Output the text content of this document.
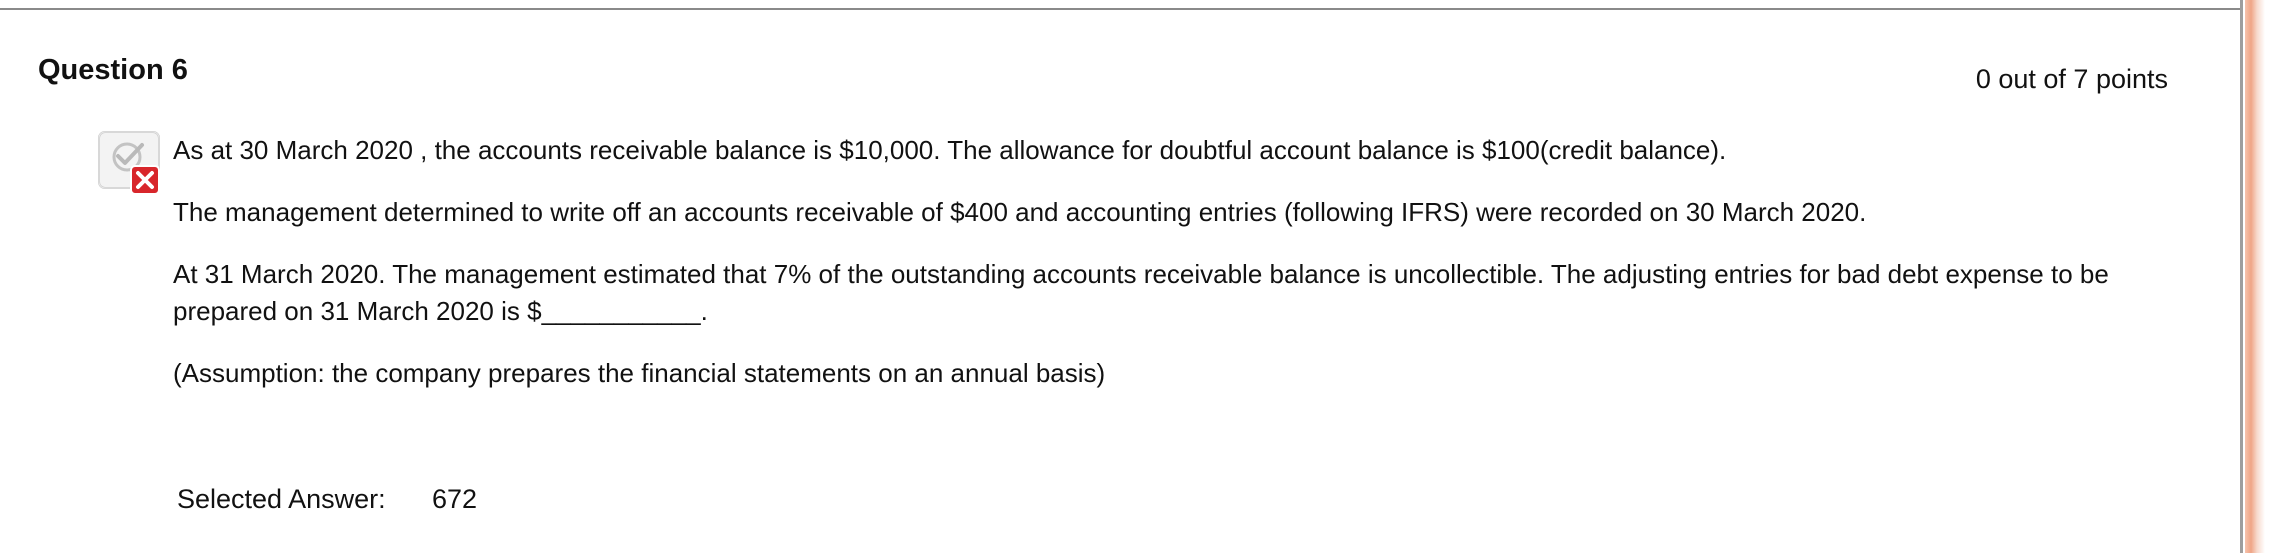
Question 6	0 out of 7 points

As at 30 March 2020 , the accounts receivable balance is $10,000. The allowance for doubtful account balance is $100(credit balance).

The management determined to write off an accounts receivable of $400 and accounting entries (following IFRS) were recorded on 30 March 2020.

At 31 March 2020. The management estimated that 7% of the outstanding accounts receivable balance is uncollectible. The adjusting entries for bad debt expense to be prepared on 31 March 2020 is $___________.

(Assumption: the company prepares the financial statements on an annual basis)

Selected Answer:	672
